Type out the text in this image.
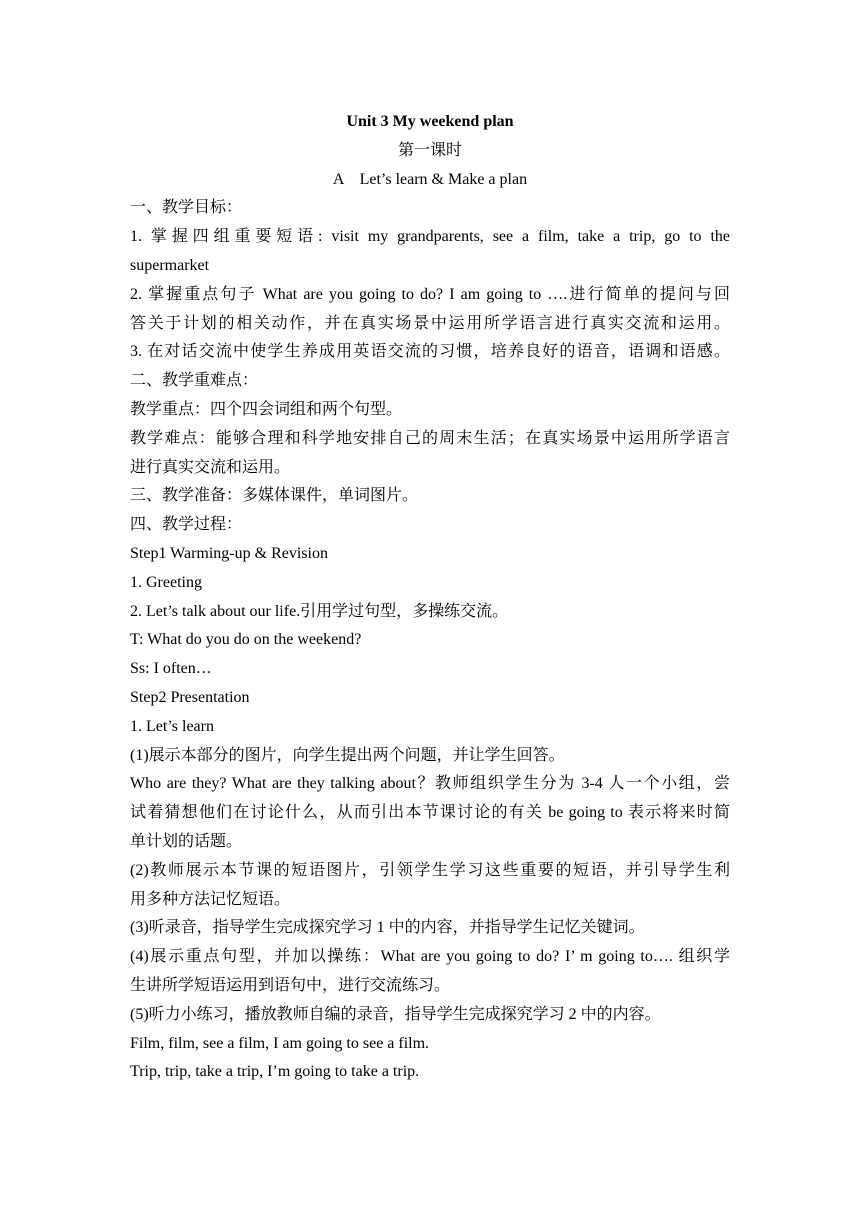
Unit 3 My weekend plan
第一课时
A　Let’s learn & Make a plan
一、教学目标：
1. 掌握四组重要短语: visit my grandparents, see a film, take a trip, go to the
supermarket
2. 掌握重点句子 What are you going to do? I am going to ….进行简单的提问与回
答关于计划的相关动作，并在真实场景中运用所学语言进行真实交流和运用。
3. 在对话交流中使学生养成用英语交流的习惯，培养良好的语音，语调和语感。
二、教学重难点：
教学重点：四个四会词组和两个句型。
教学难点：能够合理和科学地安排自己的周末生活；在真实场景中运用所学语言
进行真实交流和运用。
三、教学准备：多媒体课件，单词图片。
四、教学过程：
Step1 Warming-up & Revision
1. Greeting
2. Let’s talk about our life.引用学过句型，多操练交流。
T: What do you do on the weekend?
Ss: I often…
Step2 Presentation
1. Let’s learn
(1)展示本部分的图片，向学生提出两个问题，并让学生回答。
Who are they? What are they talking about？教师组织学生分为 3-4 人一个小组，尝
试着猜想他们在讨论什么，从而引出本节课讨论的有关 be going to 表示将来时简
单计划的话题。
(2)教师展示本节课的短语图片，引领学生学习这些重要的短语，并引导学生利
用多种方法记忆短语。
(3)听录音，指导学生完成探究学习 1 中的内容，并指导学生记忆关键词。
(4)展示重点句型，并加以操练：What are you going to do? I’ m going to…. 组织学
生讲所学短语运用到语句中，进行交流练习。
(5)听力小练习，播放教师自编的录音，指导学生完成探究学习 2 中的内容。
Film, film, see a film, I am going to see a film.
Trip, trip, take a trip, I’m going to take a trip.
